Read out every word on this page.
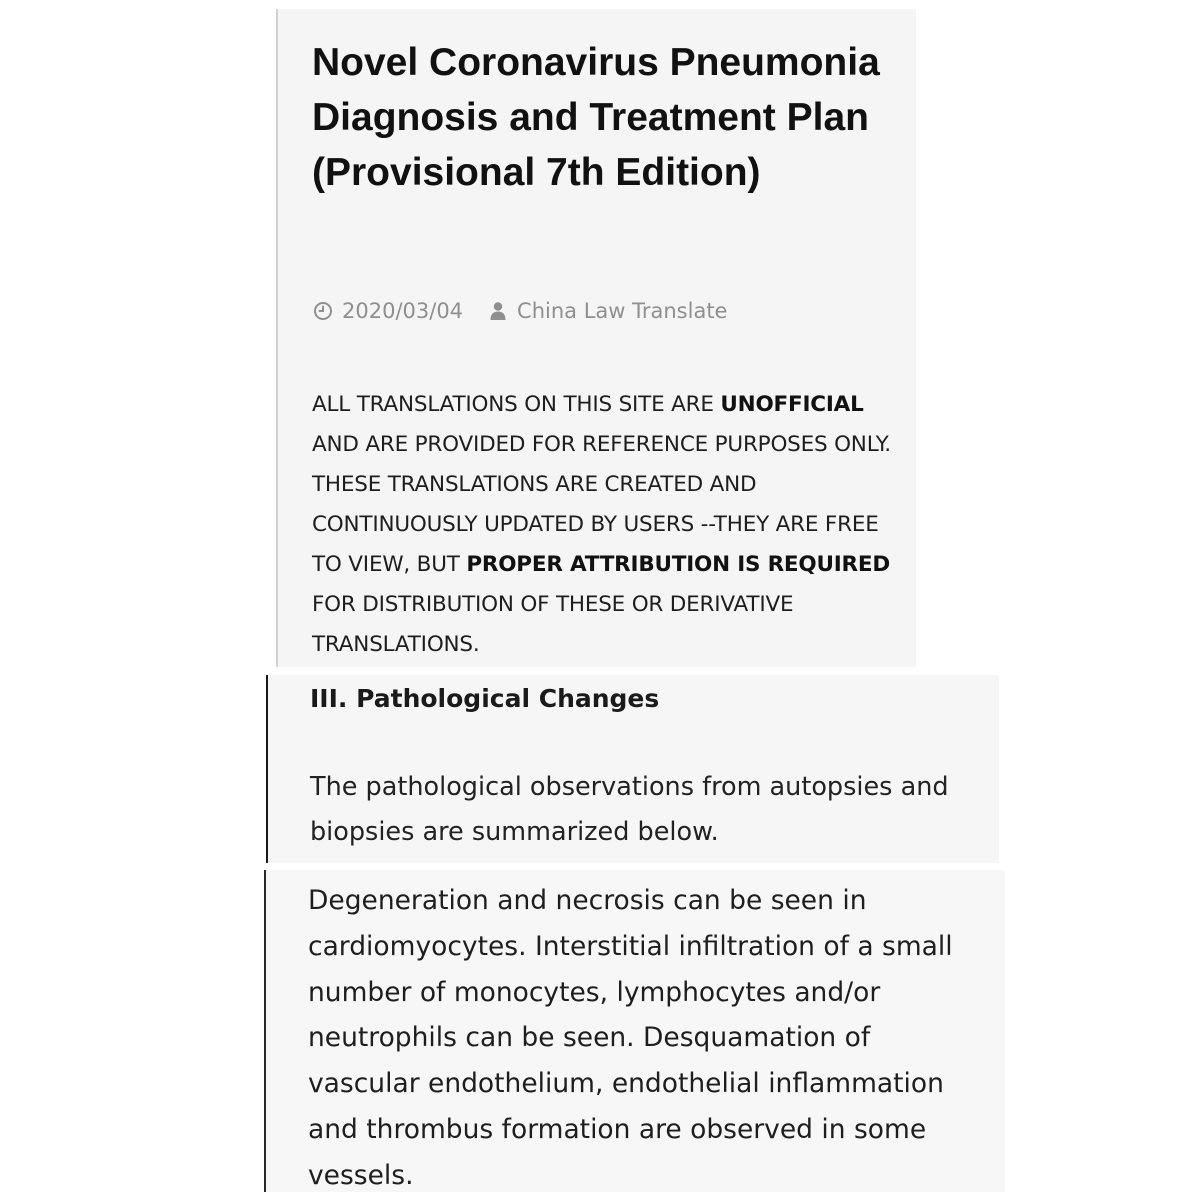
Novel Coronavirus Pneumonia Diagnosis and Treatment Plan (Provisional 7th Edition)
2020/03/04	China Law Translate

ALL TRANSLATIONS ON THIS SITE ARE UNOFFICIAL AND ARE PROVIDED FOR REFERENCE PURPOSES ONLY. THESE TRANSLATIONS ARE CREATED AND CONTINUOUSLY UPDATED BY USERS --THEY ARE FREE TO VIEW, BUT PROPER ATTRIBUTION IS REQUIRED FOR DISTRIBUTION OF THESE OR DERIVATIVE TRANSLATIONS.

III. Pathological Changes

The pathological observations from autopsies and biopsies are summarized below.

Degeneration and necrosis can be seen in cardiomyocytes. Interstitial infiltration of a small number of monocytes, lymphocytes and/or neutrophils can be seen. Desquamation of vascular endothelium, endothelial inflammation and thrombus formation are observed in some vessels.
